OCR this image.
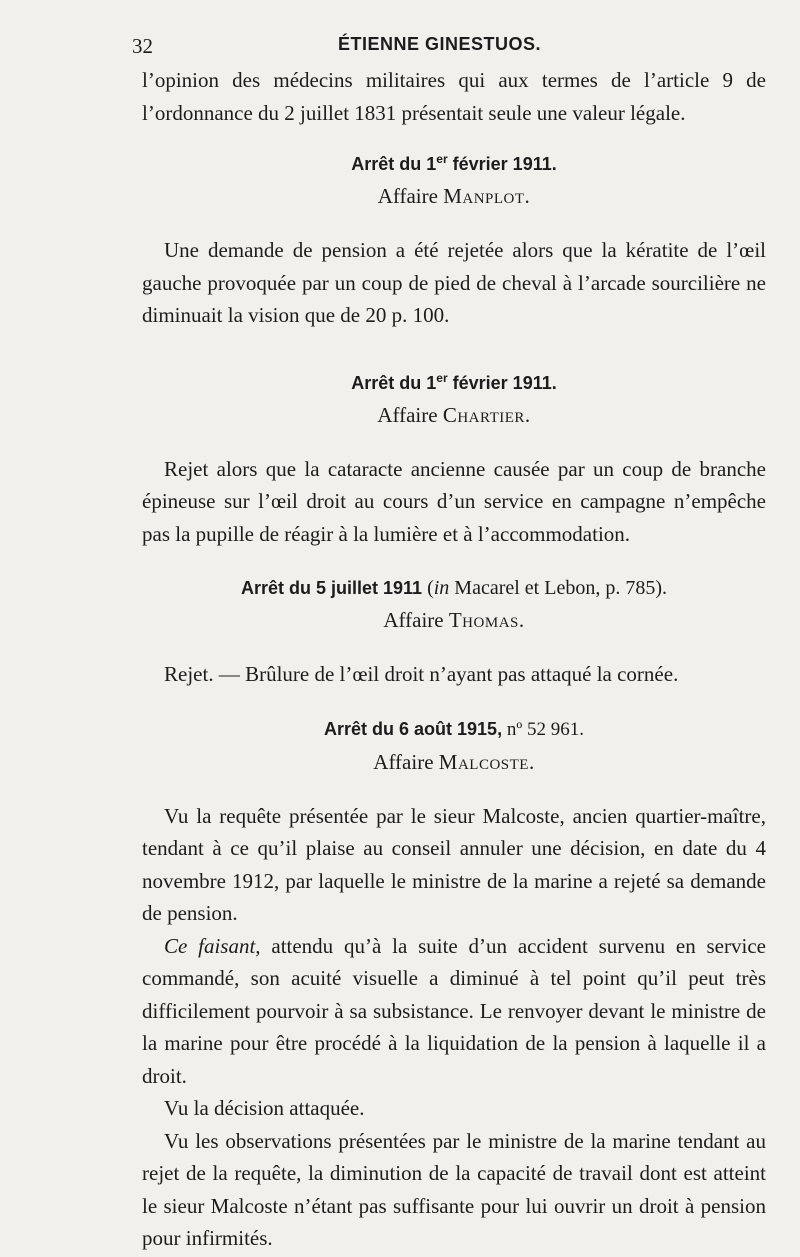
32	ÉTIENNE GINESTUOS.

l’opinion des médecins militaires qui aux termes de l’article 9 de l’ordonnance du 2 juillet 1831 présentait seule une valeur légale.

Arrêt du 1er février 1911.
Affaire Manplot.

Une demande de pension a été rejetée alors que la kératite de l’œil gauche provoquée par un coup de pied de cheval à l’arcade sourcilière ne diminuait la vision que de 20 p. 100.

Arrêt du 1er février 1911.
Affaire Chartier.

Rejet alors que la cataracte ancienne causée par un coup de branche épineuse sur l’œil droit au cours d’un service en campagne n’empêche pas la pupille de réagir à la lumière et à l’accommodation.

Arrêt du 5 juillet 1911 (in Macarel et Lebon, p. 785).
Affaire Thomas.

Rejet. — Brûlure de l’œil droit n’ayant pas attaqué la cornée.

Arrêt du 6 août 1915, nº 52 961.
Affaire Malcoste.

Vu la requête présentée par le sieur Malcoste, ancien quartier-maître, tendant à ce qu’il plaise au conseil annuler une décision, en date du 4 novembre 1912, par laquelle le ministre de la marine a rejeté sa demande de pension.

Ce faisant, attendu qu’à la suite d’un accident survenu en service commandé, son acuité visuelle a diminué à tel point qu’il peut très difficilement pourvoir à sa subsistance. Le renvoyer devant le ministre de la marine pour être procédé à la liquidation de la pension à laquelle il a droit.

Vu la décision attaquée.

Vu les observations présentées par le ministre de la marine tendant au rejet de la requête, la diminution de la capacité de travail dont est atteint le sieur Malcoste n’étant pas suffisante pour lui ouvrir un droit à pension pour infirmités.
